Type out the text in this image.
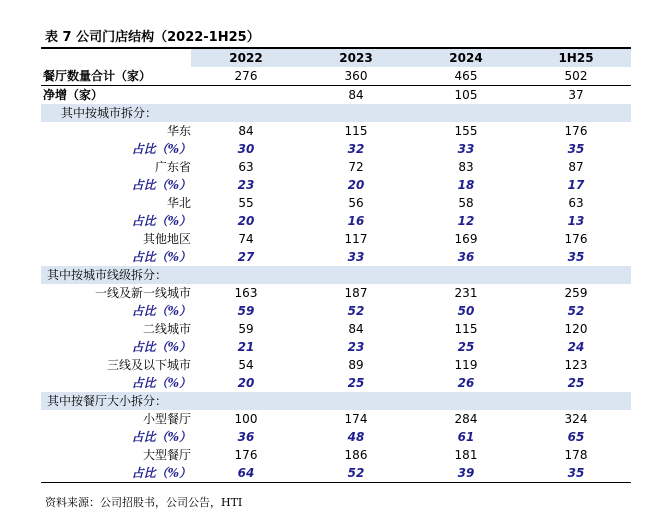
表 7 公司门店结构（2022-1H25）
	2022	2023	2024	1H25
餐厅数量合计（家）	276	360	465	502
净增（家）		84	105	37
其中按城市拆分：				
华东	84	115	155	176
占比（%）	30	32	33	35
广东省	63	72	83	87
占比（%）	23	20	18	17
华北	55	56	58	63
占比（%）	20	16	12	13
其他地区	74	117	169	176
占比（%）	27	33	36	35
其中按城市线级拆分：				
一线及新一线城市	163	187	231	259
占比（%）	59	52	50	52
二线城市	59	84	115	120
占比（%）	21	23	25	24
三线及以下城市	54	89	119	123
占比（%）	20	25	26	25
其中按餐厅大小拆分：				
小型餐厅	100	174	284	324
占比（%）	36	48	61	65
大型餐厅	176	186	181	178
占比（%）	64	52	39	35
资料来源：公司招股书，公司公告，HTI
